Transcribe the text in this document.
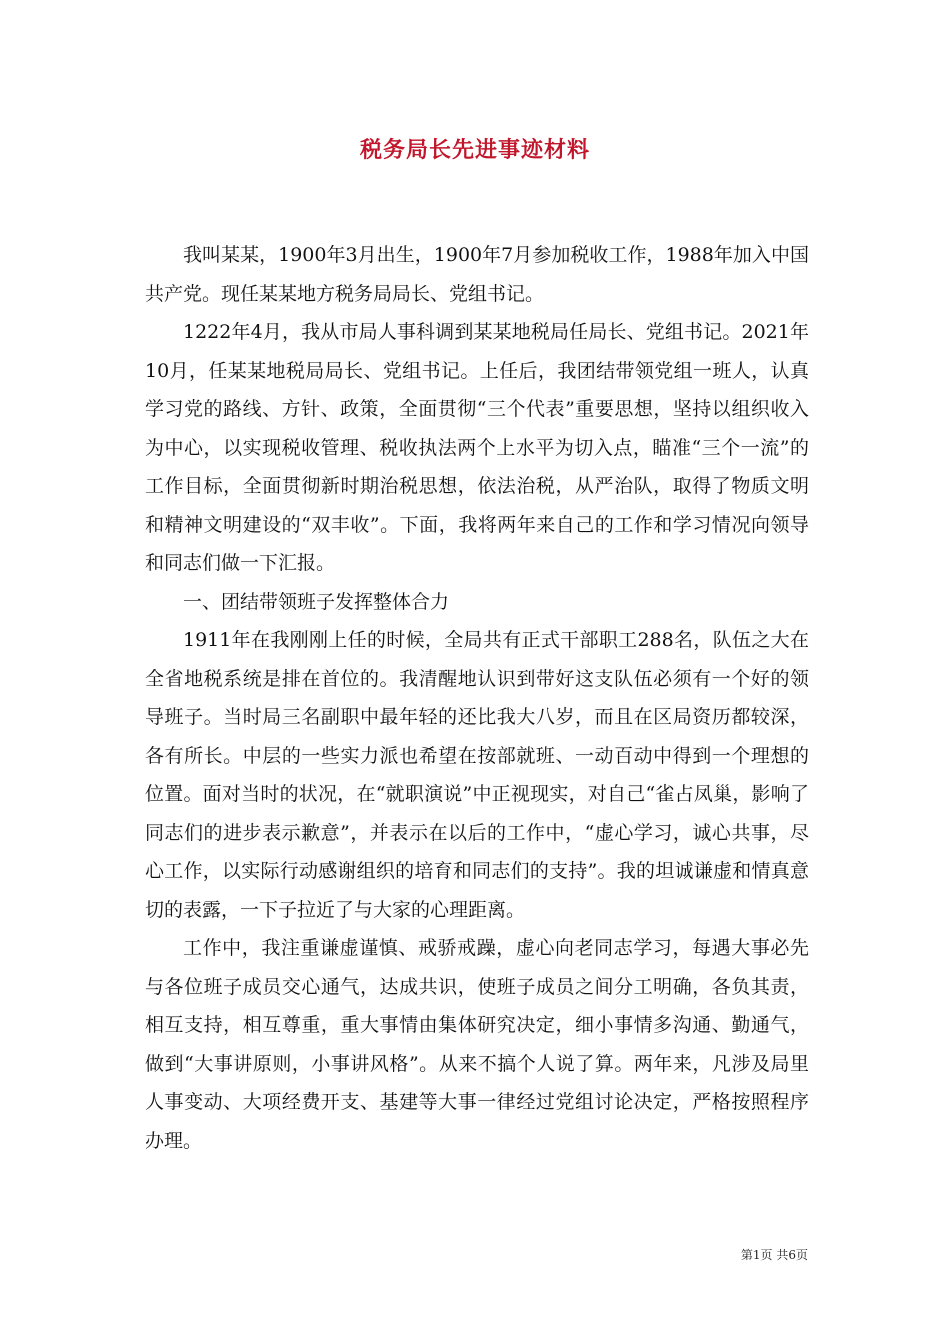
税务局长先进事迹材料

我叫某某，1900年3月出生，1900年7月参加税收工作，1988年加入中国共产党。现任某某地方税务局局长、党组书记。

1222年4月，我从市局人事科调到某某地税局任局长、党组书记。2021年10月，任某某地税局局长、党组书记。上任后，我团结带领党组一班人，认真学习党的路线、方针、政策，全面贯彻“三个代表”重要思想，坚持以组织收入为中心，以实现税收管理、税收执法两个上水平为切入点，瞄准“三个一流”的工作目标，全面贯彻新时期治税思想，依法治税，从严治队，取得了物质文明和精神文明建设的“双丰收”。下面，我将两年来自己的工作和学习情况向领导和同志们做一下汇报。

一、团结带领班子发挥整体合力

1911年在我刚刚上任的时候，全局共有正式干部职工288名，队伍之大在全省地税系统是排在首位的。我清醒地认识到带好这支队伍必须有一个好的领导班子。当时局三名副职中最年轻的还比我大八岁，而且在区局资历都较深，各有所长。中层的一些实力派也希望在按部就班、一动百动中得到一个理想的位置。面对当时的状况，在“就职演说”中正视现实，对自己“雀占凤巢，影响了同志们的进步表示歉意”，并表示在以后的工作中，“虚心学习，诚心共事，尽心工作，以实际行动感谢组织的培育和同志们的支持”。我的坦诚谦虚和情真意切的表露，一下子拉近了与大家的心理距离。

工作中，我注重谦虚谨慎、戒骄戒躁，虚心向老同志学习，每遇大事必先与各位班子成员交心通气，达成共识，使班子成员之间分工明确，各负其责，相互支持，相互尊重，重大事情由集体研究决定，细小事情多沟通、勤通气，做到“大事讲原则，小事讲风格”。从来不搞个人说了算。两年来，凡涉及局里人事变动、大项经费开支、基建等大事一律经过党组讨论决定，严格按照程序办理。

第1页 共6页
